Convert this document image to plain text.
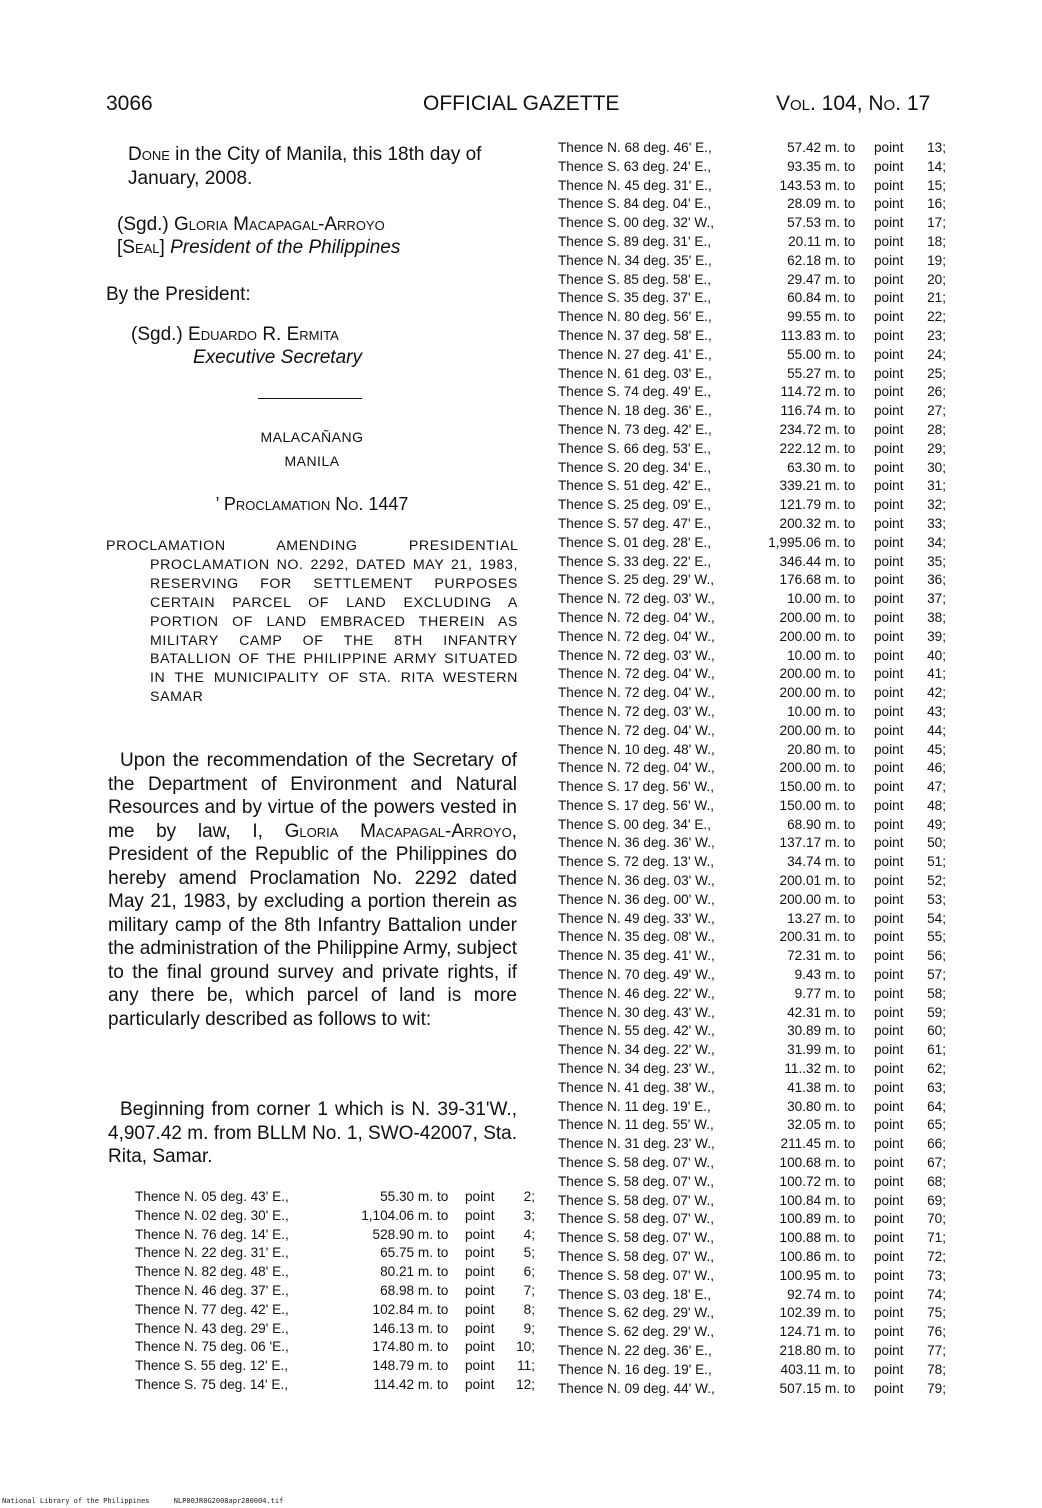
3066	OFFICIAL GAZETTE	Vol. 104, No. 17
Done in the City of Manila, this 18th day of January, 2008.
(Sgd.) Gloria Macapagal-Arroyo
[Seal] President of the Philippines
By the President:
(Sgd.) Eduardo R. Ermita
Executive Secretary
MALACAÑANG
MANILA
’ Proclamation No. 1447
PROCLAMATION AMENDING PRESIDENTIAL PROCLAMATION NO. 2292, DATED MAY 21, 1983, RESERVING FOR SETTLEMENT PURPOSES CERTAIN PARCEL OF LAND EXCLUDING A PORTION OF LAND EMBRACED THEREIN AS MILITARY CAMP OF THE 8TH INFANTRY BATALLION OF THE PHILIPPINE ARMY SITUATED IN THE MUNICIPALITY OF STA. RITA WESTERN SAMAR
Upon the recommendation of the Secretary of the Department of Environment and Natural Resources and by virtue of the powers vested in me by law, I, Gloria Macapagal-Arroyo, President of the Republic of the Philippines do hereby amend Proclamation No. 2292 dated May 21, 1983, by excluding a portion therein as military camp of the 8th Infantry Battalion under the administration of the Philippine Army, subject to the final ground survey and private rights, if any there be, which parcel of land is more particularly described as follows to wit:
Beginning from corner 1 which is N. 39-31'W., 4,907.42 m. from BLLM No. 1, SWO-42007, Sta. Rita, Samar.
Thence N. 05 deg. 43' E.,	55.30 m.	to	point	2;
Thence N. 02 deg. 30' E.,	1,104.06 m.	to	point	3;
Thence N. 76 deg. 14' E.,	528.90 m.	to	point	4;
Thence N. 22 deg. 31' E.,	65.75 m.	to	point	5;
Thence N. 82 deg. 48' E.,	80.21 m.	to	point	6;
Thence N. 46 deg. 37' E.,	68.98 m.	to	point	7;
Thence N. 77 deg. 42' E.,	102.84 m.	to	point	8;
Thence N. 43 deg. 29' E.,	146.13 m.	to	point	9;
Thence N. 75 deg. 06 'E.,	174.80 m.	to	point	10;
Thence S. 55 deg. 12' E.,	148.79 m.	to	point	11;
Thence S. 75 deg. 14' E.,	114.42 m.	to	point	12;
Thence N. 68 deg. 46' E.,	57.42 m.	to	point	13;
Thence S. 63 deg. 24' E.,	93.35 m.	to	point	14;
Thence N. 45 deg. 31' E.,	143.53 m.	to	point	15;
Thence S. 84 deg. 04' E.,	28.09 m.	to	point	16;
Thence S. 00 deg. 32' W.,	57.53 m.	to	point	17;
Thence S. 89 deg. 31' E.,	20.11 m.	to	point	18;
Thence N. 34 deg. 35' E.,	62.18 m.	to	point	19;
Thence S. 85 deg. 58' E.,	29.47 m.	to	point	20;
Thence S. 35 deg. 37' E.,	60.84 m.	to	point	21;
Thence N. 80 deg. 56' E.,	99.55 m.	to	point	22;
Thence N. 37 deg. 58' E.,	113.83 m.	to	point	23;
Thence N. 27 deg. 41' E.,	55.00 m.	to	point	24;
Thence N. 61 deg. 03' E.,	55.27 m.	to	point	25;
Thence S. 74 deg. 49' E.,	114.72 m.	to	point	26;
Thence N. 18 deg. 36' E.,	116.74 m.	to	point	27;
Thence N. 73 deg. 42' E.,	234.72 m.	to	point	28;
Thence S. 66 deg. 53' E.,	222.12 m.	to	point	29;
Thence S. 20 deg. 34' E.,	63.30 m.	to	point	30;
Thence S. 51 deg. 42' E.,	339.21 m.	to	point	31;
Thence S. 25 deg. 09' E.,	121.79 m.	to	point	32;
Thence S. 57 deg. 47' E.,	200.32 m.	to	point	33;
Thence S. 01 deg. 28' E.,	1,995.06 m.	to	point	34;
Thence S. 33 deg. 22' E.,	346.44 m.	to	point	35;
Thence S. 25 deg. 29' W.,	176.68 m.	to	point	36;
Thence N. 72 deg. 03' W.,	10.00 m.	to	point	37;
Thence N. 72 deg. 04' W.,	200.00 m.	to	point	38;
Thence N. 72 deg. 04' W.,	200.00 m.	to	point	39;
Thence N. 72 deg. 03' W.,	10.00 m.	to	point	40;
Thence N. 72 deg. 04' W.,	200.00 m.	to	point	41;
Thence N. 72 deg. 04' W.,	200.00 m.	to	point	42;
Thence N. 72 deg. 03' W.,	10.00 m.	to	point	43;
Thence N. 72 deg. 04' W.,	200.00 m.	to	point	44;
Thence N. 10 deg. 48' W.,	20.80 m.	to	point	45;
Thence N. 72 deg. 04' W.,	200.00 m.	to	point	46;
Thence S. 17 deg. 56' W.,	150.00 m.	to	point	47;
Thence S. 17 deg. 56' W.,	150.00 m.	to	point	48;
Thence S. 00 deg. 34' E.,	68.90 m.	to	point	49;
Thence N. 36 deg. 36' W.,	137.17 m.	to	point	50;
Thence S. 72 deg. 13' W.,	34.74 m.	to	point	51;
Thence N. 36 deg. 03' W.,	200.01 m.	to	point	52;
Thence N. 36 deg. 00' W.,	200.00 m.	to	point	53;
Thence N. 49 deg. 33' W.,	13.27 m.	to	point	54;
Thence N. 35 deg. 08' W.,	200.31 m.	to	point	55;
Thence N. 35 deg. 41' W.,	72.31 m.	to	point	56;
Thence N. 70 deg. 49' W.,	9.43 m.	to	point	57;
Thence N. 46 deg. 22' W.,	9.77 m.	to	point	58;
Thence N. 30 deg. 43' W.,	42.31 m.	to	point	59;
Thence N. 55 deg. 42' W.,	30.89 m.	to	point	60;
Thence N. 34 deg. 22' W.,	31.99 m.	to	point	61;
Thence N. 34 deg. 23' W.,	11..32 m.	to	point	62;
Thence N. 41 deg. 38' W.,	41.38 m.	to	point	63;
Thence N. 11 deg. 19' E.,	30.80 m.	to	point	64;
Thence N. 11 deg. 55' W.,	32.05 m.	to	point	65;
Thence N. 31 deg. 23' W.,	211.45 m.	to	point	66;
Thence S. 58 deg. 07' W.,	100.68 m.	to	point	67;
Thence S. 58 deg. 07' W.,	100.72 m.	to	point	68;
Thence S. 58 deg. 07' W.,	100.84 m.	to	point	69;
Thence S. 58 deg. 07' W.,	100.89 m.	to	point	70;
Thence S. 58 deg. 07' W.,	100.88 m.	to	point	71;
Thence S. 58 deg. 07' W.,	100.86 m.	to	point	72;
Thence S. 58 deg. 07' W.,	100.95 m.	to	point	73;
Thence S. 03 deg. 18' E.,	92.74 m.	to	point	74;
Thence S. 62 deg. 29' W.,	102.39 m.	to	point	75;
Thence S. 62 deg. 29' W.,	124.71 m.	to	point	76;
Thence N. 22 deg. 36' E.,	218.80 m.	to	point	77;
Thence N. 16 deg. 19' E.,	403.11 m.	to	point	78;
Thence N. 09 deg. 44' W.,	507.15 m.	to	point	79;
National Library of the Philippines	NLP00JR0G2008apr280004.tif
